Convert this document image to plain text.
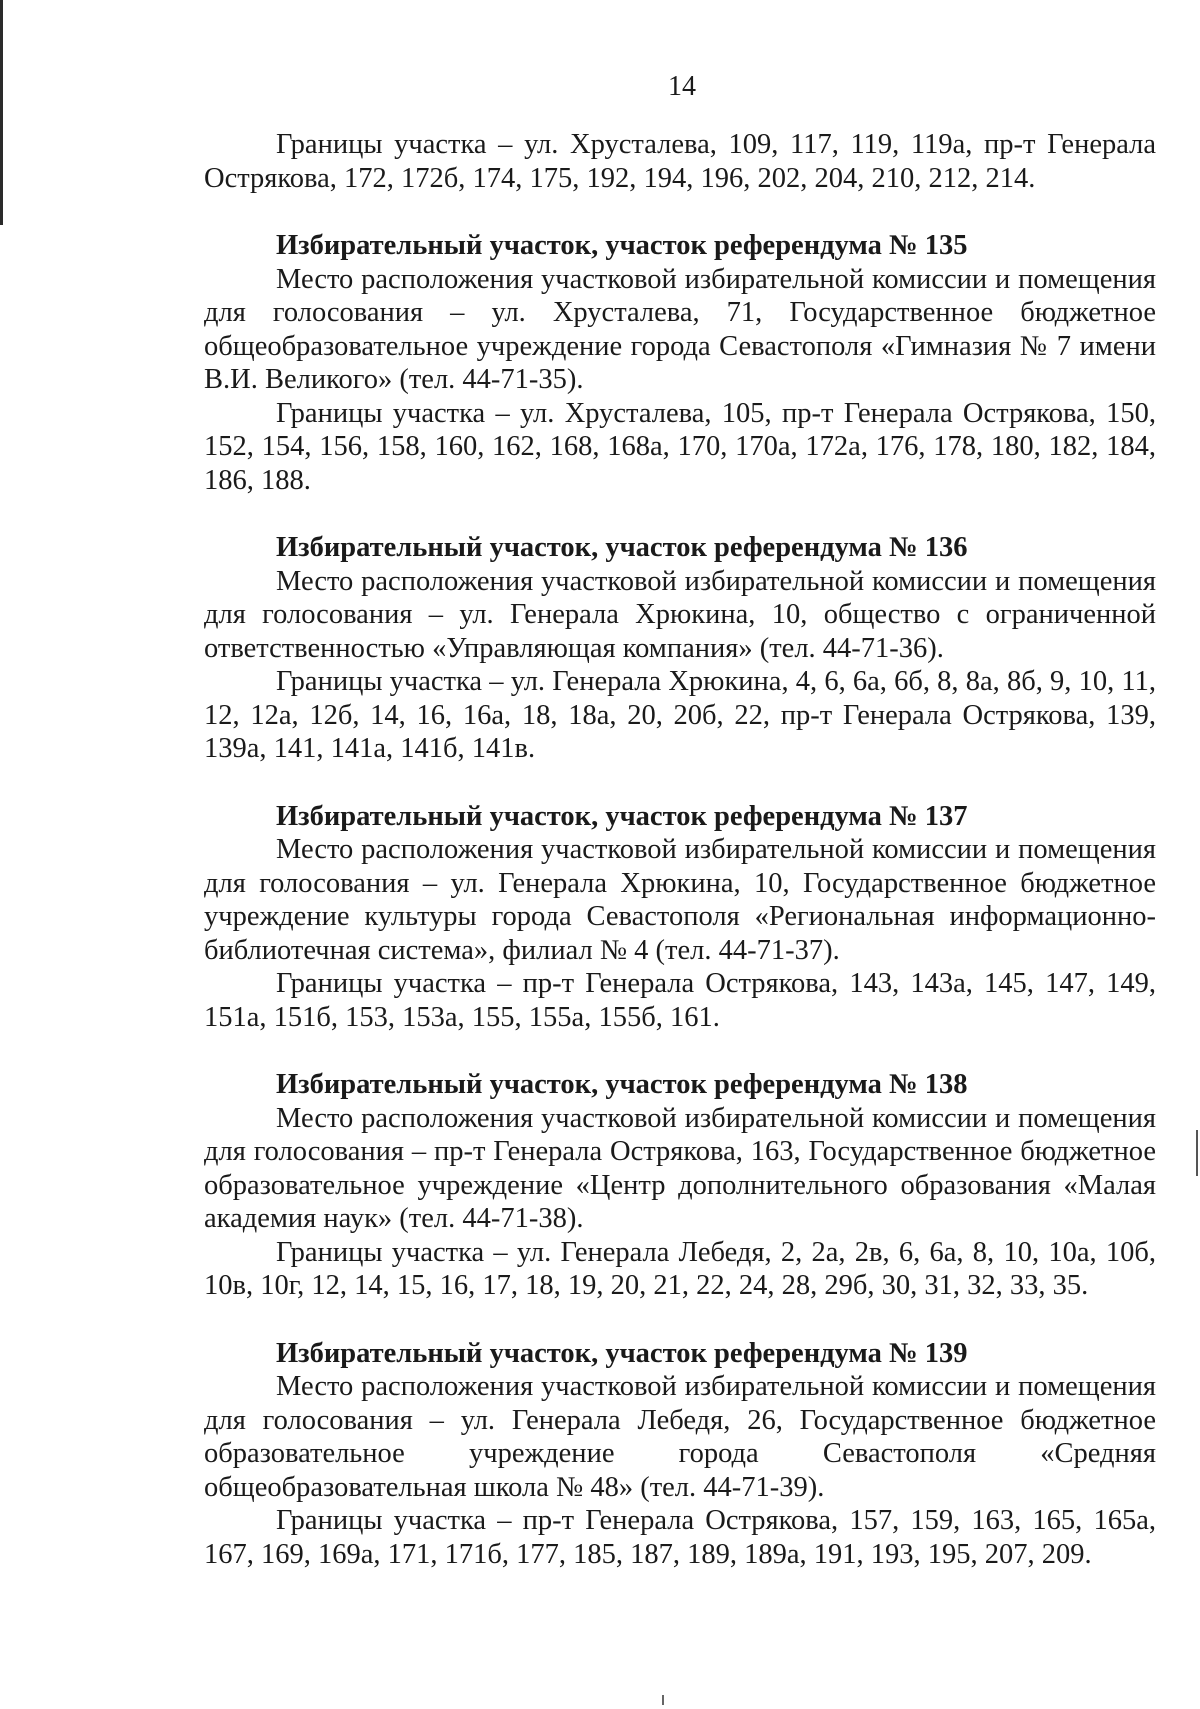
14

Границы участка – ул. Хрусталева, 109, 117, 119, 119а, пр-т Генерала Острякова, 172, 172б, 174, 175, 192, 194, 196, 202, 204, 210, 212, 214.

Избирательный участок, участок референдума № 135

Место расположения участковой избирательной комиссии и помещения для голосования – ул. Хрусталева, 71, Государственное бюджетное общеобразовательное учреждение города Севастополя «Гимназия № 7 имени В.И. Великого» (тел. 44-71-35).

Границы участка – ул. Хрусталева, 105, пр-т Генерала Острякова, 150, 152, 154, 156, 158, 160, 162, 168, 168а, 170, 170а, 172а, 176, 178, 180, 182, 184, 186, 188.

Избирательный участок, участок референдума № 136

Место расположения участковой избирательной комиссии и помещения для голосования – ул. Генерала Хрюкина, 10, общество с ограниченной ответственностью «Управляющая компания» (тел. 44-71-36).

Границы участка – ул. Генерала Хрюкина, 4, 6, 6а, 6б, 8, 8а, 8б, 9, 10, 11, 12, 12а, 12б, 14, 16, 16а, 18, 18а, 20, 20б, 22, пр-т Генерала Острякова, 139, 139а, 141, 141а, 141б, 141в.

Избирательный участок, участок референдума № 137

Место расположения участковой избирательной комиссии и помещения для голосования – ул. Генерала Хрюкина, 10, Государственное бюджетное учреждение культуры города Севастополя «Региональная информационно-библиотечная система», филиал № 4 (тел. 44-71-37).

Границы участка – пр-т Генерала Острякова, 143, 143а, 145, 147, 149, 151а, 151б, 153, 153а, 155, 155а, 155б, 161.

Избирательный участок, участок референдума № 138

Место расположения участковой избирательной комиссии и помещения для голосования – пр-т Генерала Острякова, 163, Государственное бюджетное образовательное учреждение «Центр дополнительного образования «Малая академия наук» (тел. 44-71-38).

Границы участка – ул. Генерала Лебедя, 2, 2а, 2в, 6, 6а, 8, 10, 10а, 10б, 10в, 10г, 12, 14, 15, 16, 17, 18, 19, 20, 21, 22, 24, 28, 29б, 30, 31, 32, 33, 35.

Избирательный участок, участок референдума № 139

Место расположения участковой избирательной комиссии и помещения для голосования – ул. Генерала Лебедя, 26, Государственное бюджетное образовательное учреждение города Севастополя «Средняя общеобразовательная школа № 48» (тел. 44-71-39).

Границы участка – пр-т Генерала Острякова, 157, 159, 163, 165, 165а, 167, 169, 169а, 171, 171б, 177, 185, 187, 189, 189а, 191, 193, 195, 207, 209.
